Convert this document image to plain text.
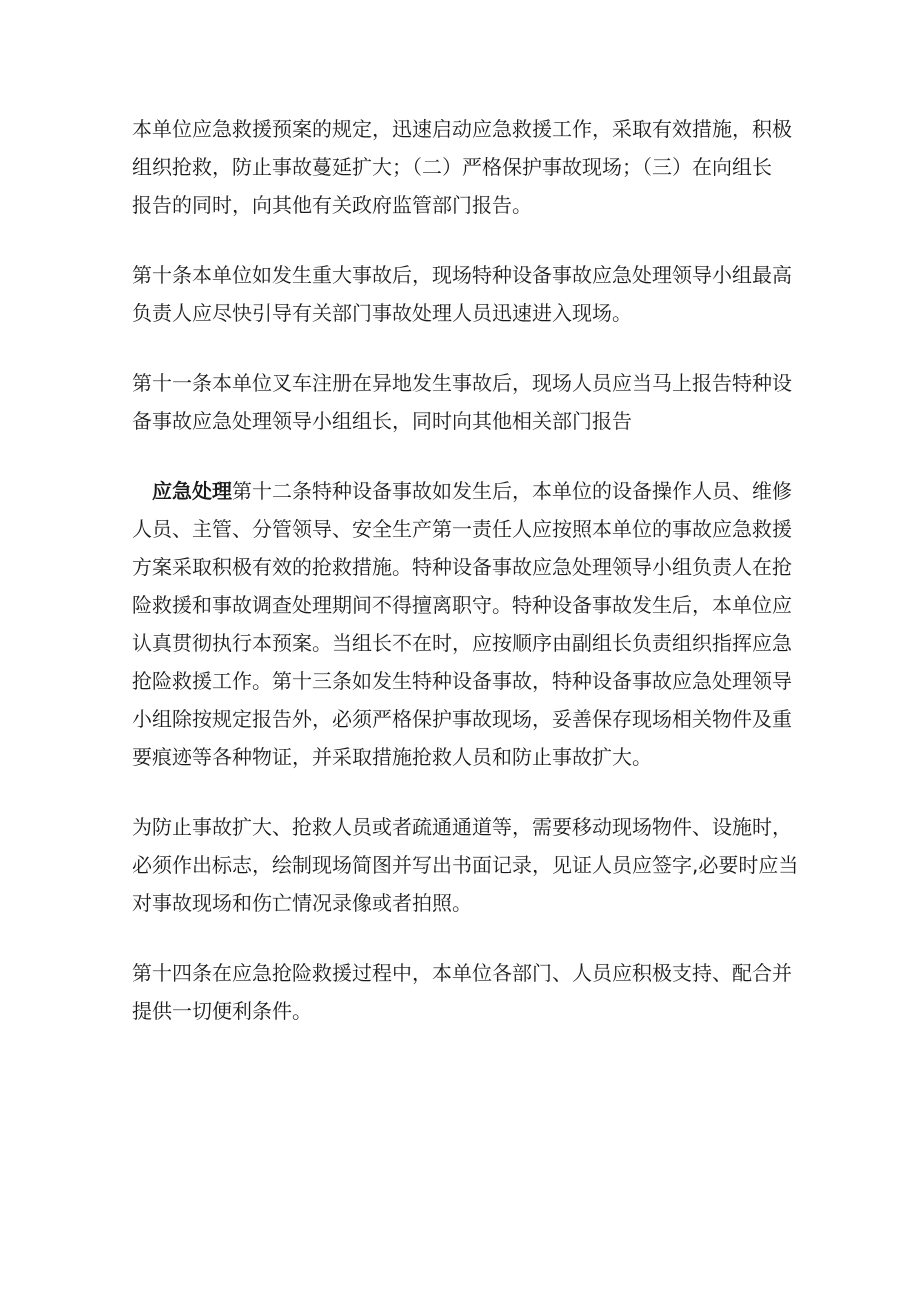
本单位应急救援预案的规定，迅速启动应急救援工作，采取有效措施，积极
组织抢救，防止事故蔓延扩大；（二）严格保护事故现场；（三）在向组长
报告的同时，向其他有关政府监管部门报告。

第十条本单位如发生重大事故后，现场特种设备事故应急处理领导小组最高
负责人应尽快引导有关部门事故处理人员迅速进入现场。

第十一条本单位叉车注册在异地发生事故后，现场人员应当马上报告特种设
备事故应急处理领导小组组长，同时向其他相关部门报告

应急处理第十二条特种设备事故如发生后，本单位的设备操作人员、维修
人员、主管、分管领导、安全生产第一责任人应按照本单位的事故应急救援
方案采取积极有效的抢救措施。特种设备事故应急处理领导小组负责人在抢
险救援和事故调查处理期间不得擅离职守。特种设备事故发生后，本单位应
认真贯彻执行本预案。当组长不在时，应按顺序由副组长负责组织指挥应急
抢险救援工作。第十三条如发生特种设备事故，特种设备事故应急处理领导
小组除按规定报告外，必须严格保护事故现场，妥善保存现场相关物件及重
要痕迹等各种物证，并采取措施抢救人员和防止事故扩大。

为防止事故扩大、抢救人员或者疏通通道等，需要移动现场物件、设施时，
必须作出标志，绘制现场简图并写出书面记录，见证人员应签字,必要时应当
对事故现场和伤亡情况录像或者拍照。

第十四条在应急抢险救援过程中，本单位各部门、人员应积极支持、配合并
提供一切便利条件。
